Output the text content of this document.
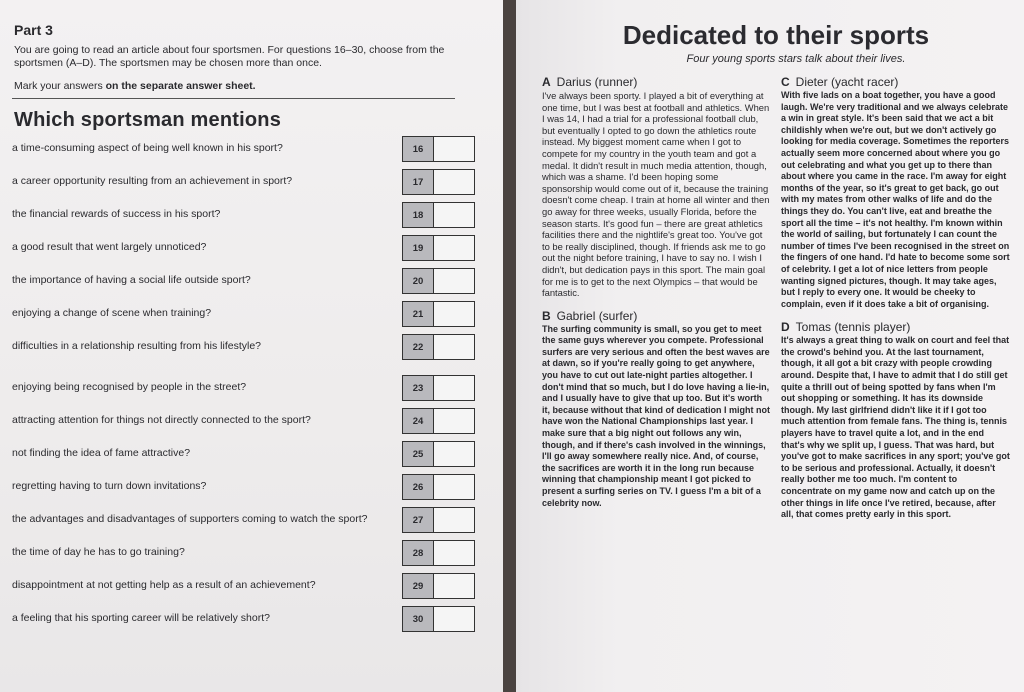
Part 3
You are going to read an article about four sportsmen. For questions 16–30, choose from the sportsmen (A–D). The sportsmen may be chosen more than once.
Mark your answers on the separate answer sheet.
Which sportsman mentions
a time-consuming aspect of being well known in his sport?	16
a career opportunity resulting from an achievement in sport?	17
the financial rewards of success in his sport?	18
a good result that went largely unnoticed?	19
the importance of having a social life outside sport?	20
enjoying a change of scene when training?	21
difficulties in a relationship resulting from his lifestyle?	22
enjoying being recognised by people in the street?	23
attracting attention for things not directly connected to the sport?	24
not finding the idea of fame attractive?	25
regretting having to turn down invitations?	26
the advantages and disadvantages of supporters coming to watch the sport?	27
the time of day he has to go training?	28
disappointment at not getting help as a result of an achievement?	29
a feeling that his sporting career will be relatively short?	30
Dedicated to their sports
Four young sports stars talk about their lives.
A Darius (runner)

I've always been sporty. I played a bit of everything at one time, but I was best at football and athletics. When I was 14, I had a trial for a professional football club, but eventually I opted to go down the athletics route instead. My biggest moment came when I got to compete for my country in the youth team and got a medal. It didn't result in much media attention, though, which was a shame. I'd been hoping some sponsorship would come out of it, because the training doesn't come cheap. I train at home all winter and then go away for three weeks, usually Florida, before the season starts. It's good fun – there are great athletics facilities there and the nightlife's great too. You've got to be really disciplined, though. If friends ask me to go out the night before training, I have to say no. I wish I didn't, but dedication pays in this sport. The main goal for me is to get to the next Olympics – that would be fantastic.

B Gabriel (surfer)

The surfing community is small, so you get to meet the same guys wherever you compete. Professional surfers are very serious and often the best waves are at dawn, so if you're really going to get anywhere, you have to cut out late-night parties altogether. I don't mind that so much, but I do love having a lie-in, and I usually have to give that up too. But it's worth it, because without that kind of dedication I might not have won the National Championships last year. I make sure that a big night out follows any win, though, and if there's cash involved in the winnings, I'll go away somewhere really nice. And, of course, the sacrifices are worth it in the long run because winning that championship meant I got picked to present a surfing series on TV. I guess I'm a bit of a celebrity now.

C Dieter (yacht racer)

With five lads on a boat together, you have a good laugh. We're very traditional and we always celebrate a win in great style. It's been said that we act a bit childishly when we're out, but we don't actively go looking for media coverage. Sometimes the reporters actually seem more concerned about where you go out celebrating and what you get up to there than about where you came in the race. I'm away for eight months of the year, so it's great to get back, go out with my mates from other walks of life and do the things they do. You can't live, eat and breathe the sport all the time – it's not healthy. I'm known within the world of sailing, but fortunately I can count the number of times I've been recognised in the street on the fingers of one hand. I'd hate to become some sort of celebrity. I get a lot of nice letters from people wanting signed pictures, though. It may take ages, but I reply to every one. It would be cheeky to complain, even if it does take a bit of organising.

D Tomas (tennis player)

It's always a great thing to walk on court and feel that the crowd's behind you. At the last tournament, though, it all got a bit crazy with people crowding around. Despite that, I have to admit that I do still get quite a thrill out of being spotted by fans when I'm out shopping or something. It has its downside though. My last girlfriend didn't like it if I got too much attention from female fans. The thing is, tennis players have to travel quite a lot, and in the end that's why we split up, I guess. That was hard, but you've got to make sacrifices in any sport; you've got to be serious and professional. Actually, it doesn't really bother me too much. I'm content to concentrate on my game now and catch up on the other things in life once I've retired, because, after all, that comes pretty early in this sport.
